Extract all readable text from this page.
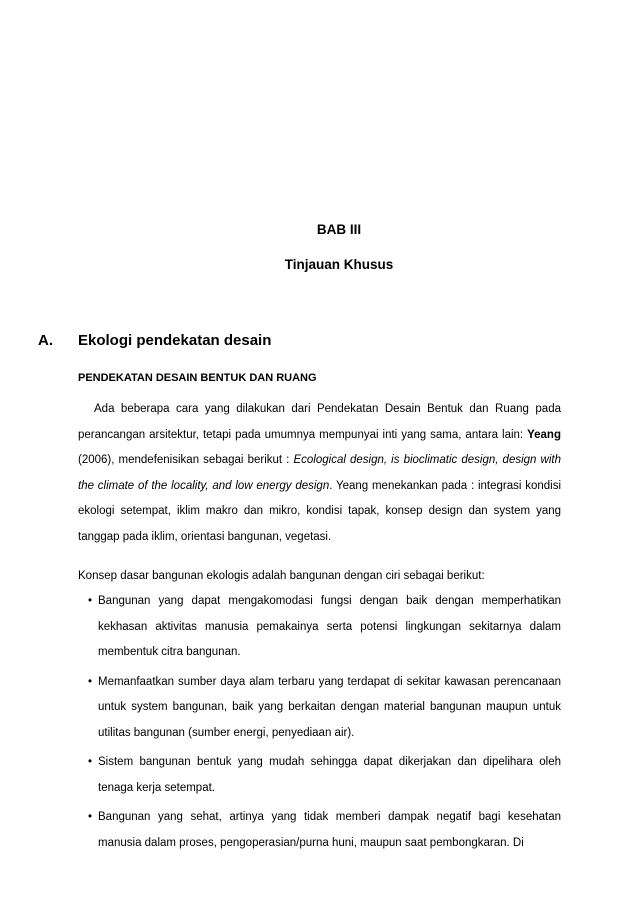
BAB III
Tinjauan Khusus
A. Ekologi pendekatan desain
PENDEKATAN DESAIN BENTUK DAN RUANG

Ada beberapa cara yang dilakukan dari Pendekatan Desain Bentuk dan Ruang pada perancangan arsitektur, tetapi pada umumnya mempunyai inti yang sama, antara lain: Yeang (2006), mendefenisikan sebagai berikut : Ecological design, is bioclimatic design, design with the climate of the locality, and low energy design. Yeang menekankan pada : integrasi kondisi ekologi setempat, iklim makro dan mikro, kondisi tapak, konsep design dan system yang tanggap pada iklim, orientasi bangunan, vegetasi.

Konsep dasar bangunan ekologis adalah bangunan dengan ciri sebagai berikut:

• Bangunan yang dapat mengakomodasi fungsi dengan baik dengan memperhatikan kekhasan aktivitas manusia pemakainya serta potensi lingkungan sekitarnya dalam membentuk citra bangunan.
• Memanfaatkan sumber daya alam terbaru yang terdapat di sekitar kawasan perencanaan untuk system bangunan, baik yang berkaitan dengan material bangunan maupun untuk utilitas bangunan (sumber energi, penyediaan air).
• Sistem bangunan bentuk yang mudah sehingga dapat dikerjakan dan dipelihara oleh tenaga kerja setempat.
• Bangunan yang sehat, artinya yang tidak memberi dampak negatif bagi kesehatan manusia dalam proses, pengoperasian/purna huni, maupun saat pembongkaran. Di
